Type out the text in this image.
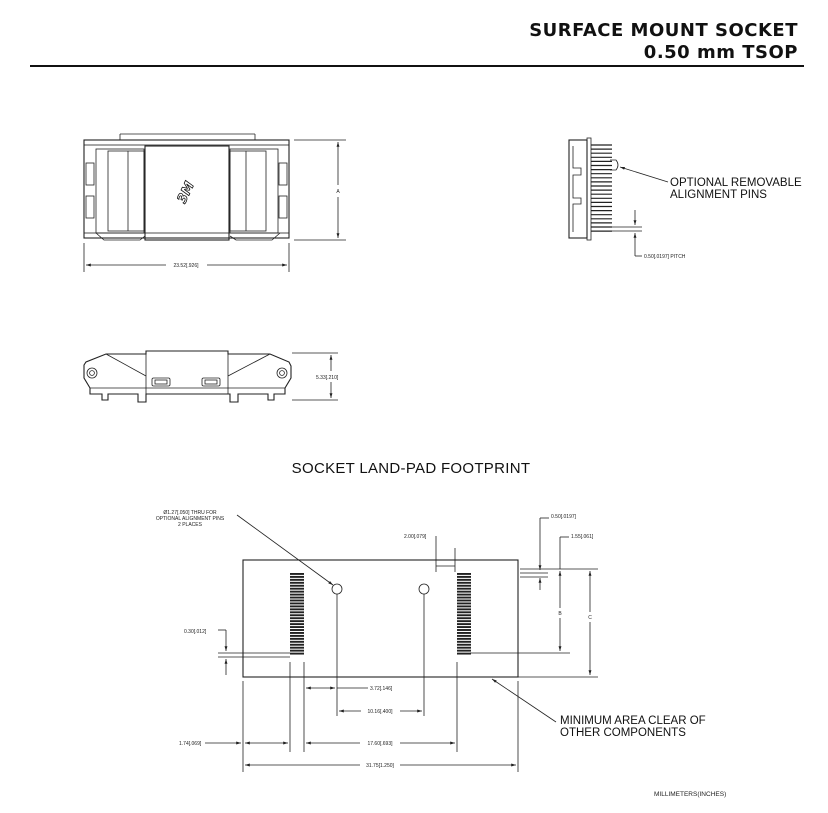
SURFACE MOUNT SOCKET
0.50 mm TSOP
3M
23.52[.926]
A
OPTIONAL REMOVABLE
ALIGNMENT PINS
0.50[.0197] PITCH
5.33[.210]
SOCKET LAND-PAD FOOTPRINT
Ø1.27[.050] THRU FOR
OPTIONAL ALIGNMENT PINS
2 PLACES
2.00[.079]
0.50[.0197]
1.55[.061]
B
C
0.30[.012]
3.72[.146]
10.16[.400]
1.74[.069]	17.60[.693]
31.75[1.250]
MINIMUM AREA CLEAR OF
OTHER COMPONENTS
MILLIMETERS(INCHES)
